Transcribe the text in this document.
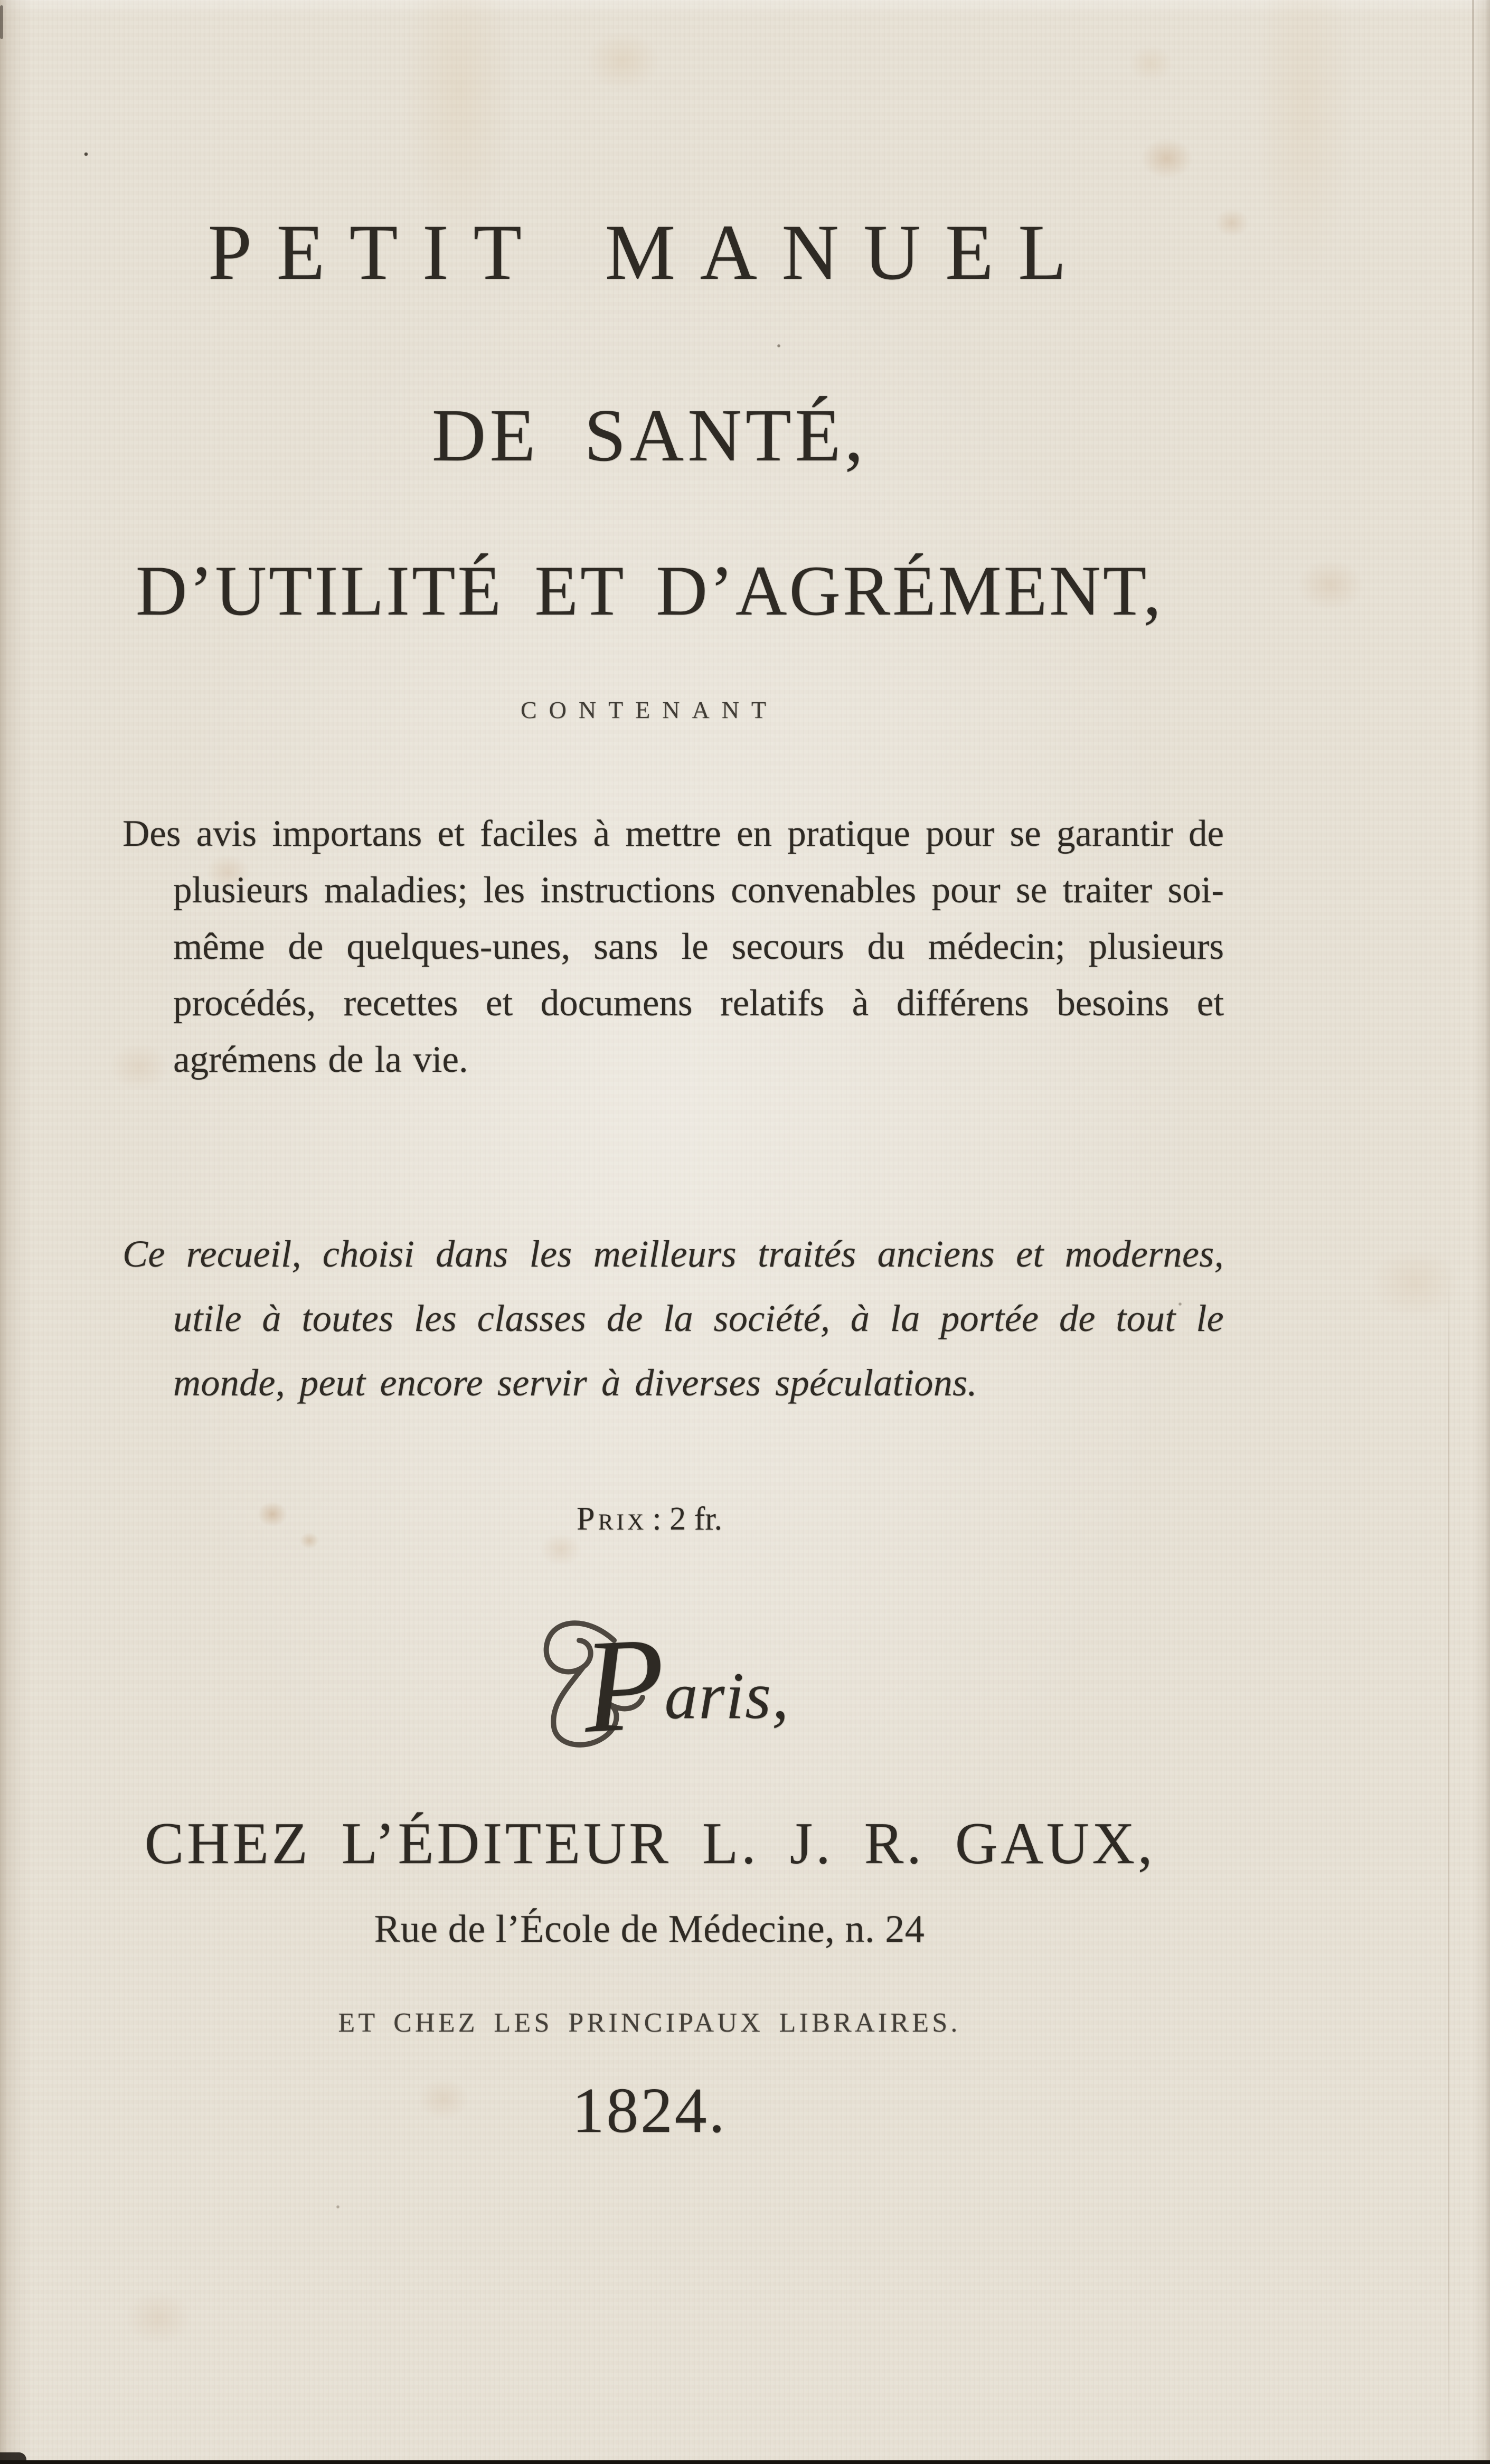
PETIT MANUEL
DE SANTÉ,
D’UTILITÉ ET D’AGRÉMENT,
CONTENANT

Des avis importans et faciles à mettre en pratique pour se garantir de plusieurs maladies; les instructions convenables pour se traiter soi-même de quelques-unes, sans le secours du médecin; plusieurs procédés, recettes et documens relatifs à différens besoins et agrémens de la vie.

Ce recueil, choisi dans les meilleurs traités anciens et modernes, utile à toutes les classes de la société, à la portée de tout le monde, peut encore servir à diverses spéculations.

Prix : 2 fr.
Paris,
CHEZ L’ÉDITEUR L. J. R. GAUX,
Rue de l’École de Médecine, n. 24
ET CHEZ LES PRINCIPAUX LIBRAIRES.
1824.
